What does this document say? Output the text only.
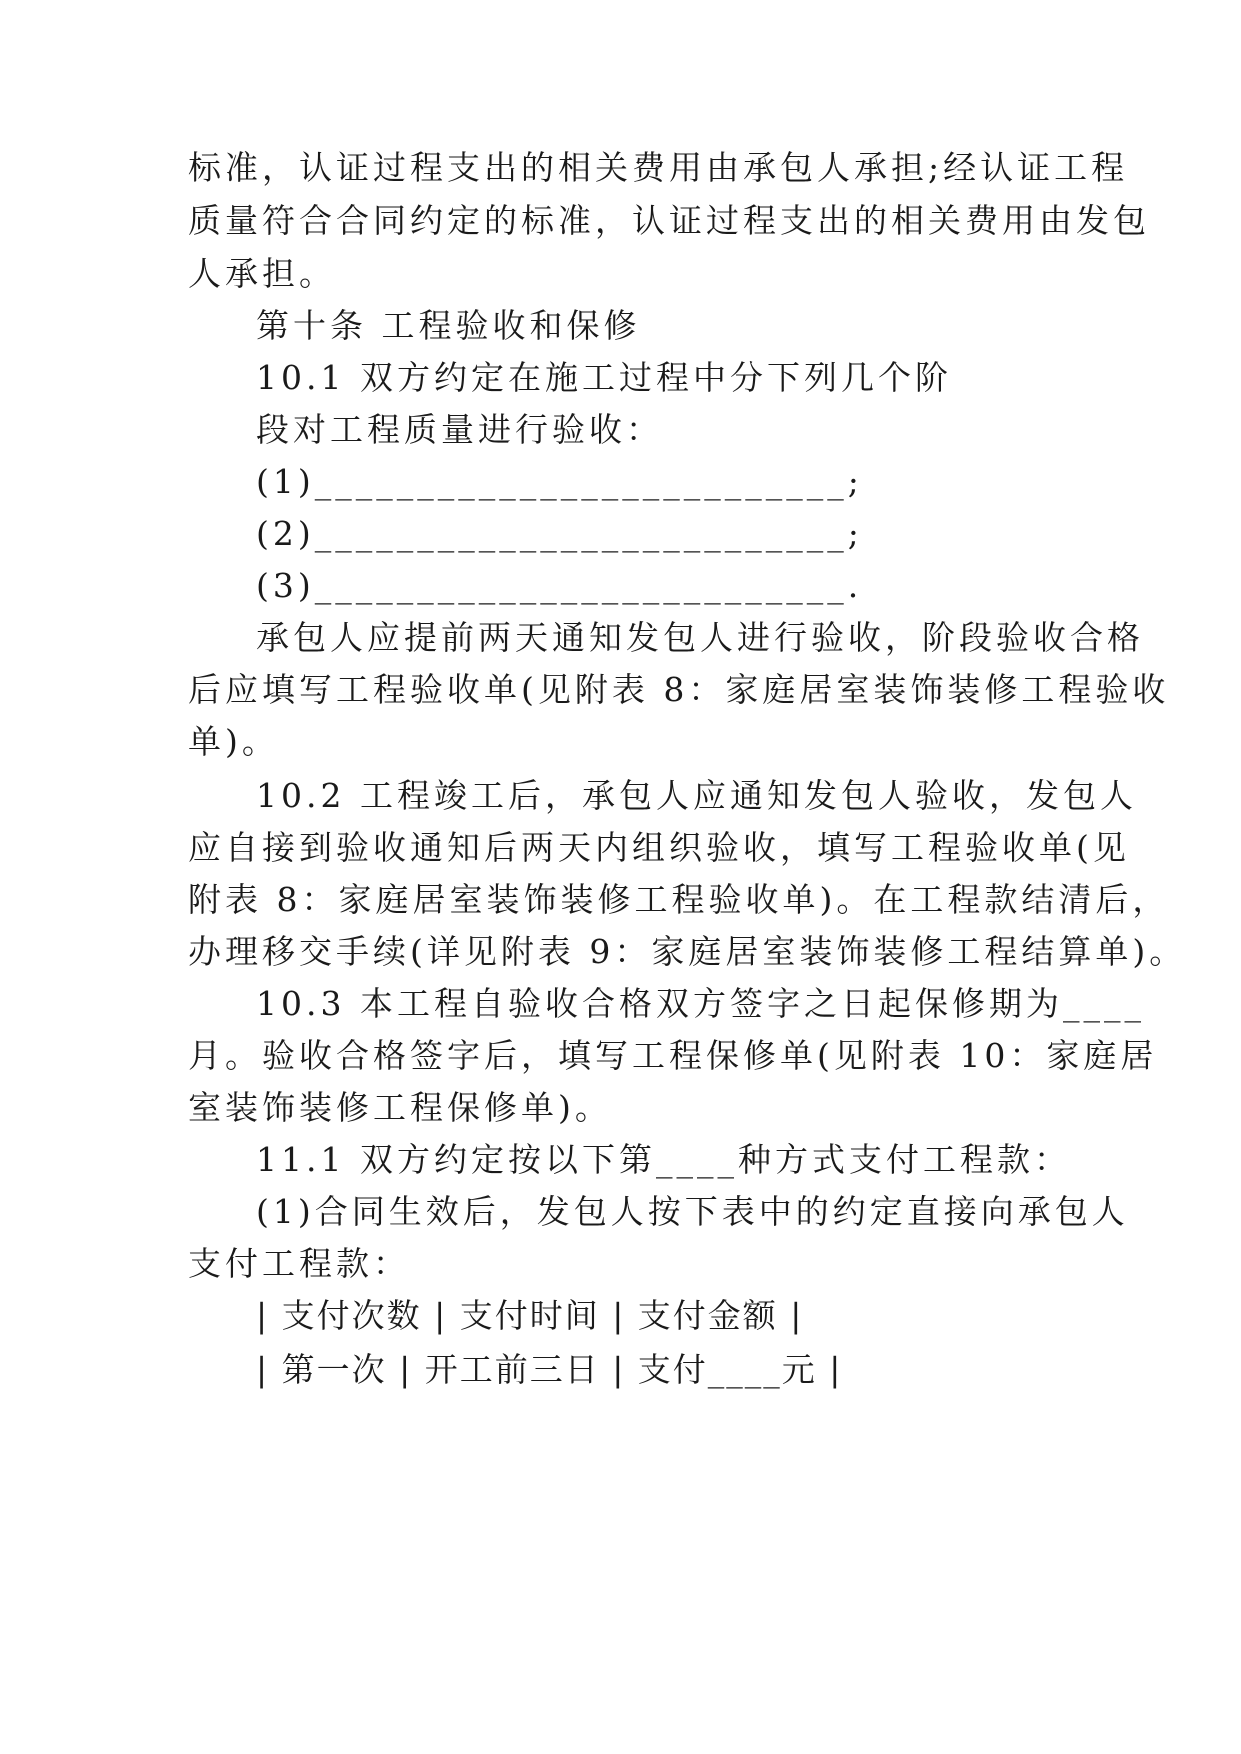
标准，认证过程支出的相关费用由承包人承担;经认证工程
质量符合合同约定的标准，认证过程支出的相关费用由发包
人承担。
第十条 工程验收和保修
10.1 双方约定在施工过程中分下列几个阶
段对工程质量进行验收：
(1)__________________________;
(2)__________________________;
(3)__________________________.
承包人应提前两天通知发包人进行验收，阶段验收合格
后应填写工程验收单(见附表 8：家庭居室装饰装修工程验收
单)。
10.2 工程竣工后，承包人应通知发包人验收，发包人
应自接到验收通知后两天内组织验收，填写工程验收单(见
附表 8：家庭居室装饰装修工程验收单)。在工程款结清后，
办理移交手续(详见附表 9：家庭居室装饰装修工程结算单)。
10.3 本工程自验收合格双方签字之日起保修期为____
月。验收合格签字后，填写工程保修单(见附表 10：家庭居
室装饰装修工程保修单)。
11.1 双方约定按以下第____种方式支付工程款：
(1)合同生效后，发包人按下表中的约定直接向承包人
支付工程款：
| 支付次数 | 支付时间 | 支付金额 |
| 第一次 | 开工前三日 | 支付____元 |
